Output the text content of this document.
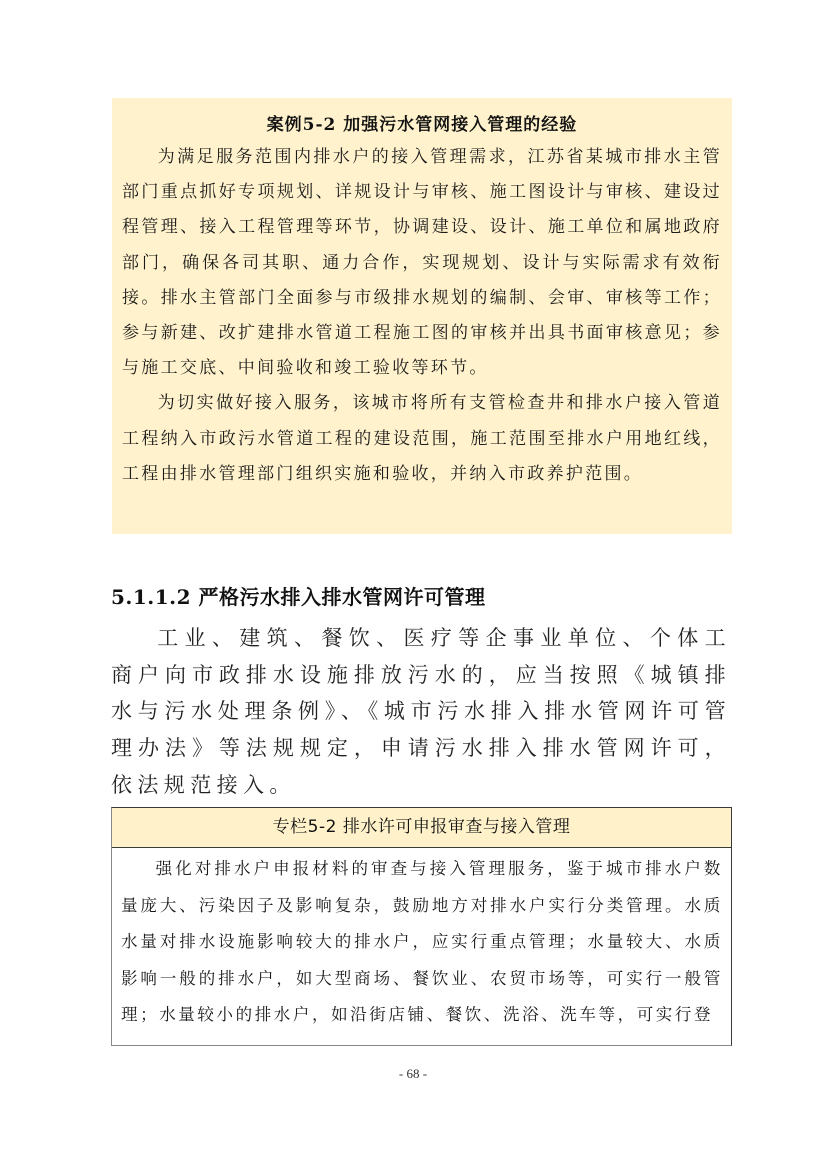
案例5-2 加强污水管网接入管理的经验

为满足服务范围内排水户的接入管理需求，江苏省某城市排水主管部门重点抓好专项规划、详规设计与审核、施工图设计与审核、建设过程管理、接入工程管理等环节，协调建设、设计、施工单位和属地政府部门，确保各司其职、通力合作，实现规划、设计与实际需求有效衔接。排水主管部门全面参与市级排水规划的编制、会审、审核等工作；参与新建、改扩建排水管道工程施工图的审核并出具书面审核意见；参与施工交底、中间验收和竣工验收等环节。

为切实做好接入服务，该城市将所有支管检查井和排水户接入管道工程纳入市政污水管道工程的建设范围，施工范围至排水户用地红线，工程由排水管理部门组织实施和验收，并纳入市政养护范围。

5.1.1.2 严格污水排入排水管网许可管理

工业、建筑、餐饮、医疗等企事业单位、个体工商户向市政排水设施排放污水的，应当按照《城镇排水与污水处理条例》、《城市污水排入排水管网许可管理办法》等法规规定，申请污水排入排水管网许可，依法规范接入。

专栏5-2 排水许可申报审查与接入管理

强化对排水户申报材料的审查与接入管理服务，鉴于城市排水户数量庞大、污染因子及影响复杂，鼓励地方对排水户实行分类管理。水质水量对排水设施影响较大的排水户，应实行重点管理；水量较大、水质影响一般的排水户，如大型商场、餐饮业、农贸市场等，可实行一般管理；水量较小的排水户，如沿街店铺、餐饮、洗浴、洗车等，可实行登

- 68 -
